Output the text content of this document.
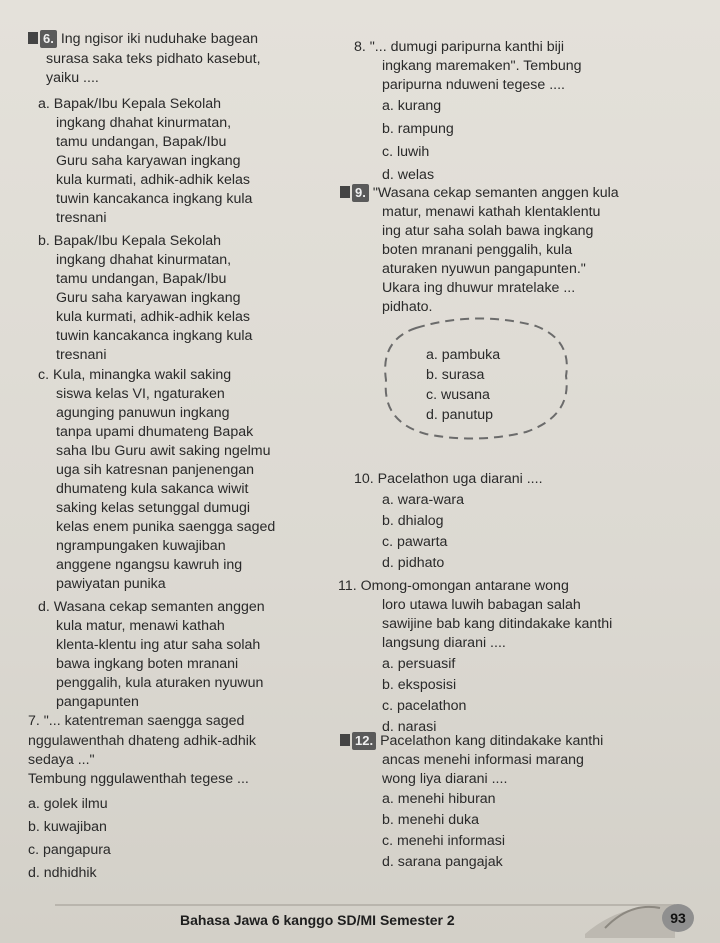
6. Ing ngisor iki nuduhake bagean
surasa saka teks pidhato kasebut,
yaiku ....
a. Bapak/Ibu Kepala Sekolah
ingkang dhahat kinurmatan,
tamu undangan, Bapak/Ibu
Guru saha karyawan ingkang
kula kurmati, adhik-adhik kelas
tuwin kancakanca ingkang kula
tresnani
b. Bapak/Ibu Kepala Sekolah
ingkang dhahat kinurmatan,
tamu undangan, Bapak/Ibu
Guru saha karyawan ingkang
kula kurmati, adhik-adhik kelas
tuwin kancakanca ingkang kula
tresnani
c. Kula, minangka wakil saking
siswa kelas VI, ngaturaken
agunging panuwun ingkang
tanpa upami dhumateng Bapak
saha Ibu Guru awit saking ngelmu
uga sih katresnan panjenengan
dhumateng kula sakanca wiwit
saking kelas setunggal dumugi
kelas enem punika saengga saged
ngrampungaken kuwajiban
anggene ngangsu kawruh ing
pawiyatan punika
d. Wasana cekap semanten anggen
kula matur, menawi kathah
klenta-klentu ing atur saha solah
bawa ingkang boten mranani
penggalih, kula aturaken nyuwun
pangapunten
7. "... katentreman saengga saged
nggulawenthah dhateng adhik-adhik
sedaya ..."
Tembung nggulawenthah tegese ...
a. golek ilmu
b. kuwajiban
c. pangapura
d. ndhidhik
8. "... dumugi paripurna kanthi biji
ingkang maremaken". Tembung
paripurna nduweni tegese ....
a. kurang
b. rampung
c. luwih
d. welas
9. "Wasana cekap semanten anggen kula
matur, menawi kathah klentaklentu
ing atur saha solah bawa ingkang
boten mranani penggalih, kula
aturaken nyuwun pangapunten."
Ukara ing dhuwur mratelake ...
pidhato.
10. Pacelathon uga diarani ....
a. wara-wara
b. dhialog
c. pawarta
d. pidhato
11. Omong-omongan antarane wong
loro utawa luwih babagan salah
sawijine bab kang ditindakake kanthi
langsung diarani ....
a. persuasif
b. eksposisi
c. pacelathon
d. narasi
12. Pacelathon kang ditindakake kanthi
ancas menehi informasi marang
wong liya diarani ....
a. menehi hiburan
b. menehi duka
c. menehi informasi
d. sarana pangajak
a. pambuka
b. surasa
c. wusana
d. panutup
Bahasa Jawa 6 kanggo SD/MI Semester 2	93
